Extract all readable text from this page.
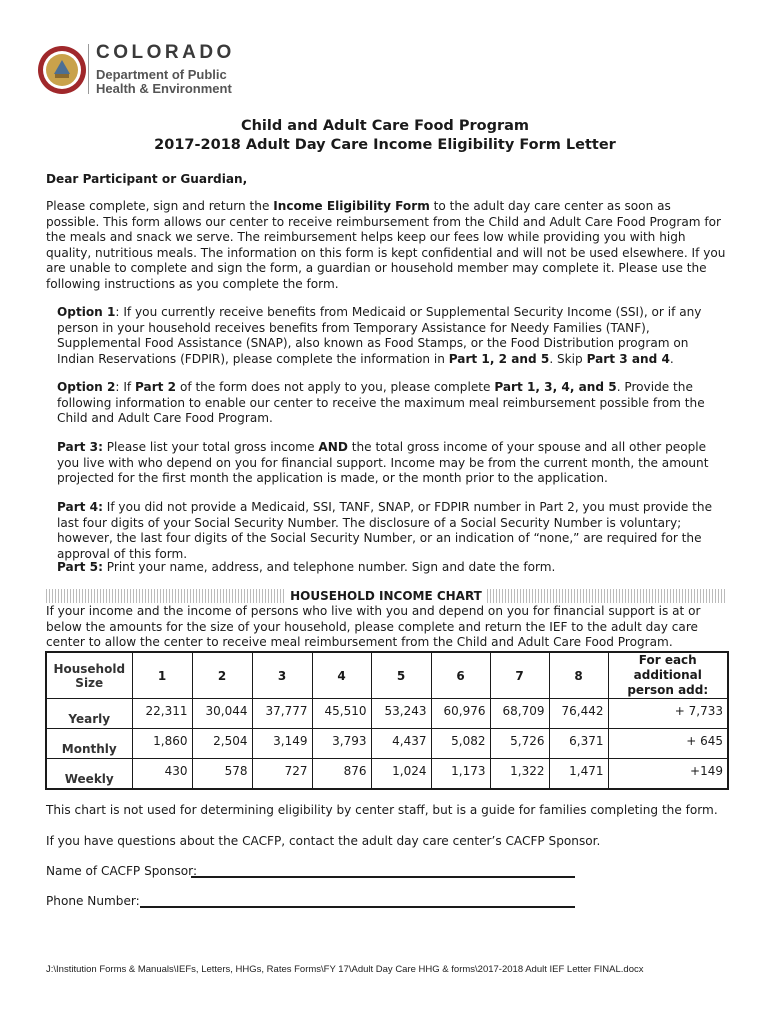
COLORADO
Department of Public
Health & Environment
Child and Adult Care Food Program
2017-2018 Adult Day Care Income Eligibility Form Letter
Dear Participant or Guardian,
Please complete, sign and return the Income Eligibility Form to the adult day care center as soon as possible. This form allows our center to receive reimbursement from the Child and Adult Care Food Program for the meals and snack we serve. The reimbursement helps keep our fees low while providing you with high quality, nutritious meals. The information on this form is kept confidential and will not be used elsewhere. If you are unable to complete and sign the form, a guardian or household member may complete it. Please use the following instructions as you complete the form.
Option 1: If you currently receive benefits from Medicaid or Supplemental Security Income (SSI), or if any person in your household receives benefits from Temporary Assistance for Needy Families (TANF), Supplemental Food Assistance (SNAP), also known as Food Stamps, or the Food Distribution program on Indian Reservations (FDPIR), please complete the information in Part 1, 2 and 5. Skip Part 3 and 4.
Option 2: If Part 2 of the form does not apply to you, please complete Part 1, 3, 4, and 5. Provide the following information to enable our center to receive the maximum meal reimbursement possible from the Child and Adult Care Food Program.
Part 3: Please list your total gross income AND the total gross income of your spouse and all other people you live with who depend on you for financial support. Income may be from the current month, the amount projected for the first month the application is made, or the month prior to the application.
Part 4: If you did not provide a Medicaid, SSI, TANF, SNAP, or FDPIR number in Part 2, you must provide the last four digits of your Social Security Number. The disclosure of a Social Security Number is voluntary; however, the last four digits of the Social Security Number, or an indication of “none,” are required for the approval of this form.
Part 5: Print your name, address, and telephone number. Sign and date the form.
HOUSEHOLD INCOME CHART
If your income and the income of persons who live with you and depend on you for financial support is at or below the amounts for the size of your household, please complete and return the IEF to the adult day care center to allow the center to receive meal reimbursement from the Child and Adult Care Food Program.
Household Size	1	2	3	4	5	6	7	8	For each additional person add:
Yearly	22,311	30,044	37,777	45,510	53,243	60,976	68,709	76,442	+ 7,733
Monthly	1,860	2,504	3,149	3,793	4,437	5,082	5,726	6,371	+ 645
Weekly	430	578	727	876	1,024	1,173	1,322	1,471	+149
This chart is not used for determining eligibility by center staff, but is a guide for families completing the form.
If you have questions about the CACFP, contact the adult day care center’s CACFP Sponsor.
Name of CACFP Sponsor:
Phone Number:
J:\Institution Forms & Manuals\IEFs, Letters, HHGs, Rates Forms\FY 17\Adult Day Care HHG & forms\2017-2018 Adult IEF Letter FINAL.docx
